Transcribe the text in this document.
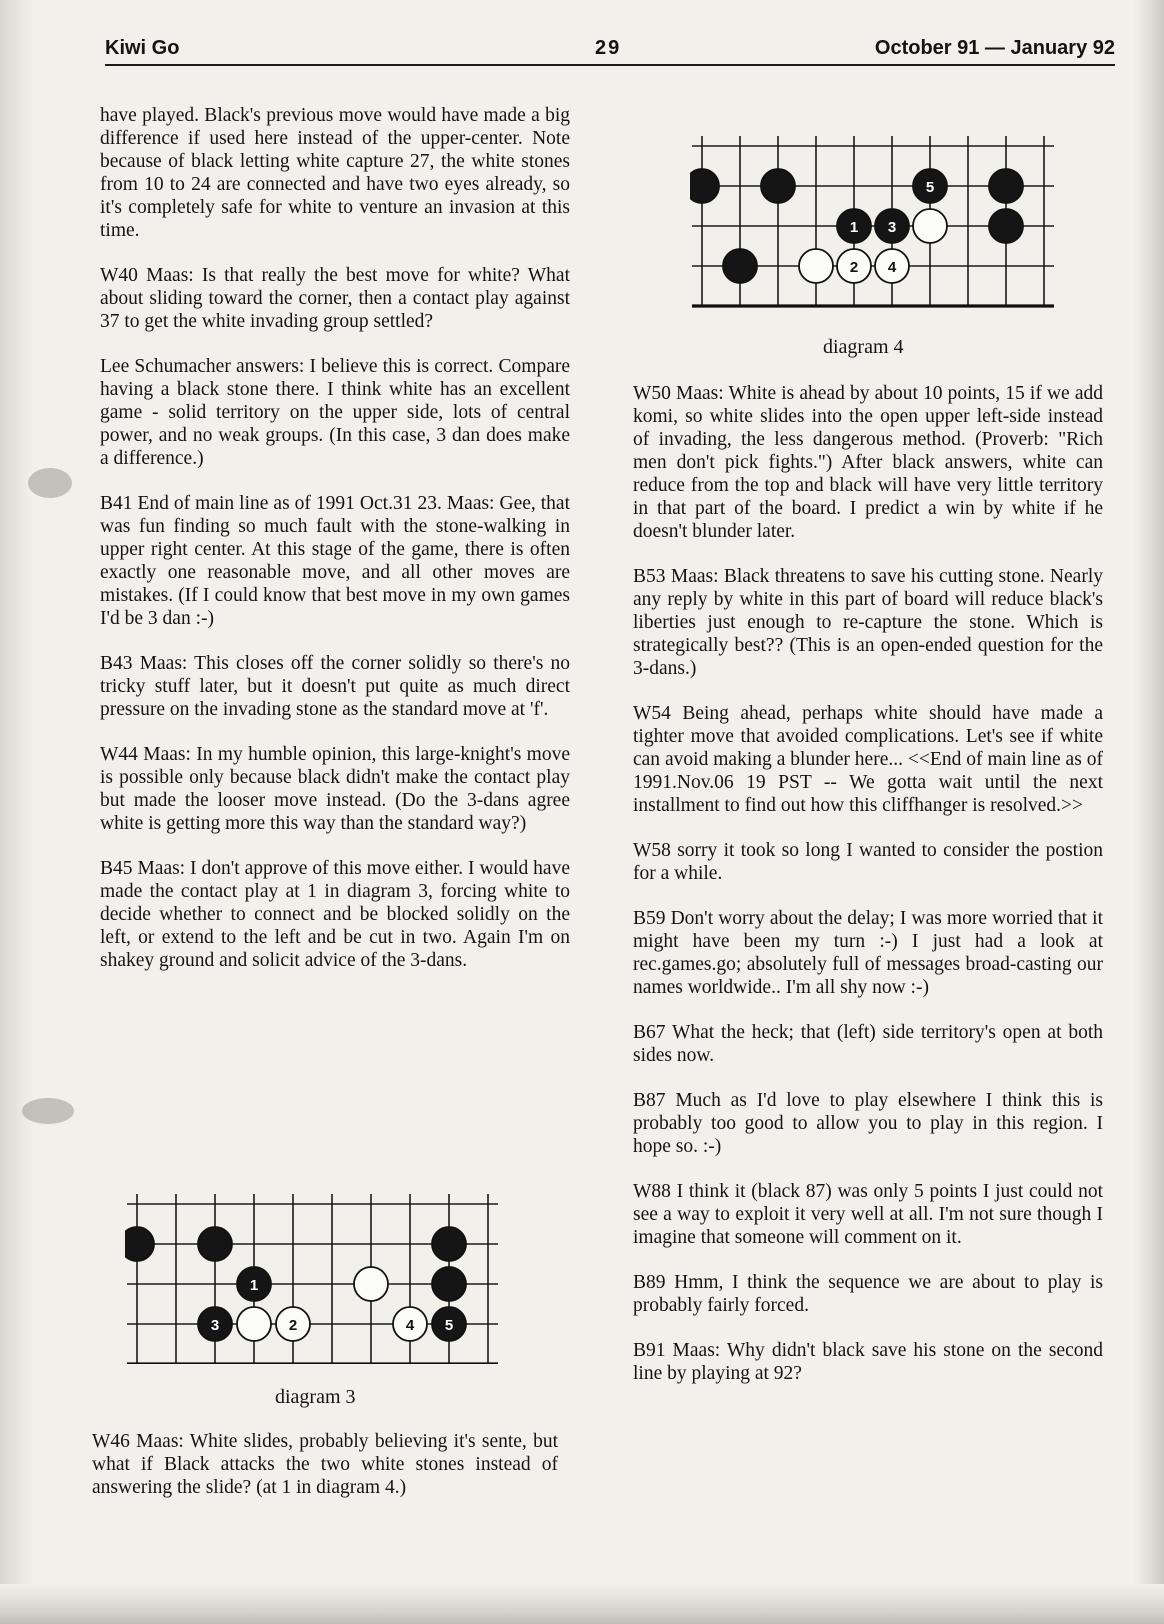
Kiwi Go	29	October 91 — January 92

have played. Black's previous move would have made a big difference if used here instead of the upper-center. Note because of black letting white capture 27, the white stones from 10 to 24 are connected and have two eyes already, so it's completely safe for white to venture an invasion at this time.

W40 Maas: Is that really the best move for white? What about sliding toward the corner, then a contact play against 37 to get the white invading group settled?

Lee Schumacher answers: I believe this is correct. Compare having a black stone there. I think white has an excellent game - solid territory on the upper side, lots of central power, and no weak groups. (In this case, 3 dan does make a difference.)

B41 End of main line as of 1991 Oct.31 23. Maas: Gee, that was fun finding so much fault with the stone-walking in upper right center. At this stage of the game, there is often exactly one reasonable move, and all other moves are mistakes. (If I could know that best move in my own games I'd be 3 dan :-)

B43 Maas: This closes off the corner solidly so there's no tricky stuff later, but it doesn't put quite as much direct pressure on the invading stone as the standard move at 'f'.

W44 Maas: In my humble opinion, this large-knight's move is possible only because black didn't make the contact play but made the looser move instead. (Do the 3-dans agree white is getting more this way than the standard way?)

B45 Maas: I don't approve of this move either. I would have made the contact play at 1 in diagram 3, forcing white to decide whether to connect and be blocked solidly on the left, or extend to the left and be cut in two. Again I'm on shakey ground and solicit advice of the 3-dans.

1
3	2	4 5
diagram 3

W46 Maas: White slides, probably believing it's sente, but what if Black attacks the two white stones instead of answering the slide? (at 1 in diagram 4.)

5
1 3
2 4
diagram 4

W50 Maas: White is ahead by about 10 points, 15 if we add komi, so white slides into the open upper left-side instead of invading, the less dangerous method. (Proverb: "Rich men don't pick fights.") After black answers, white can reduce from the top and black will have very little territory in that part of the board. I predict a win by white if he doesn't blunder later.

B53 Maas: Black threatens to save his cutting stone. Nearly any reply by white in this part of board will reduce black's liberties just enough to re-capture the stone. Which is strategically best?? (This is an open-ended question for the 3-dans.)

W54 Being ahead, perhaps white should have made a tighter move that avoided complications. Let's see if white can avoid making a blunder here... <<End of main line as of 1991.Nov.06 19 PST -- We gotta wait until the next installment to find out how this cliffhanger is resolved.>>

W58 sorry it took so long I wanted to consider the postion for a while.

B59 Don't worry about the delay; I was more worried that it might have been my turn :-) I just had a look at rec.games.go; absolutely full of messages broad-casting our names worldwide.. I'm all shy now :-)

B67 What the heck; that (left) side territory's open at both sides now.

B87 Much as I'd love to play elsewhere I think this is probably too good to allow you to play in this region. I hope so. :-)

W88 I think it (black 87) was only 5 points I just could not see a way to exploit it very well at all. I'm not sure though I imagine that someone will comment on it.

B89 Hmm, I think the sequence we are about to play is probably fairly forced.

B91 Maas: Why didn't black save his stone on the second line by playing at 92?
